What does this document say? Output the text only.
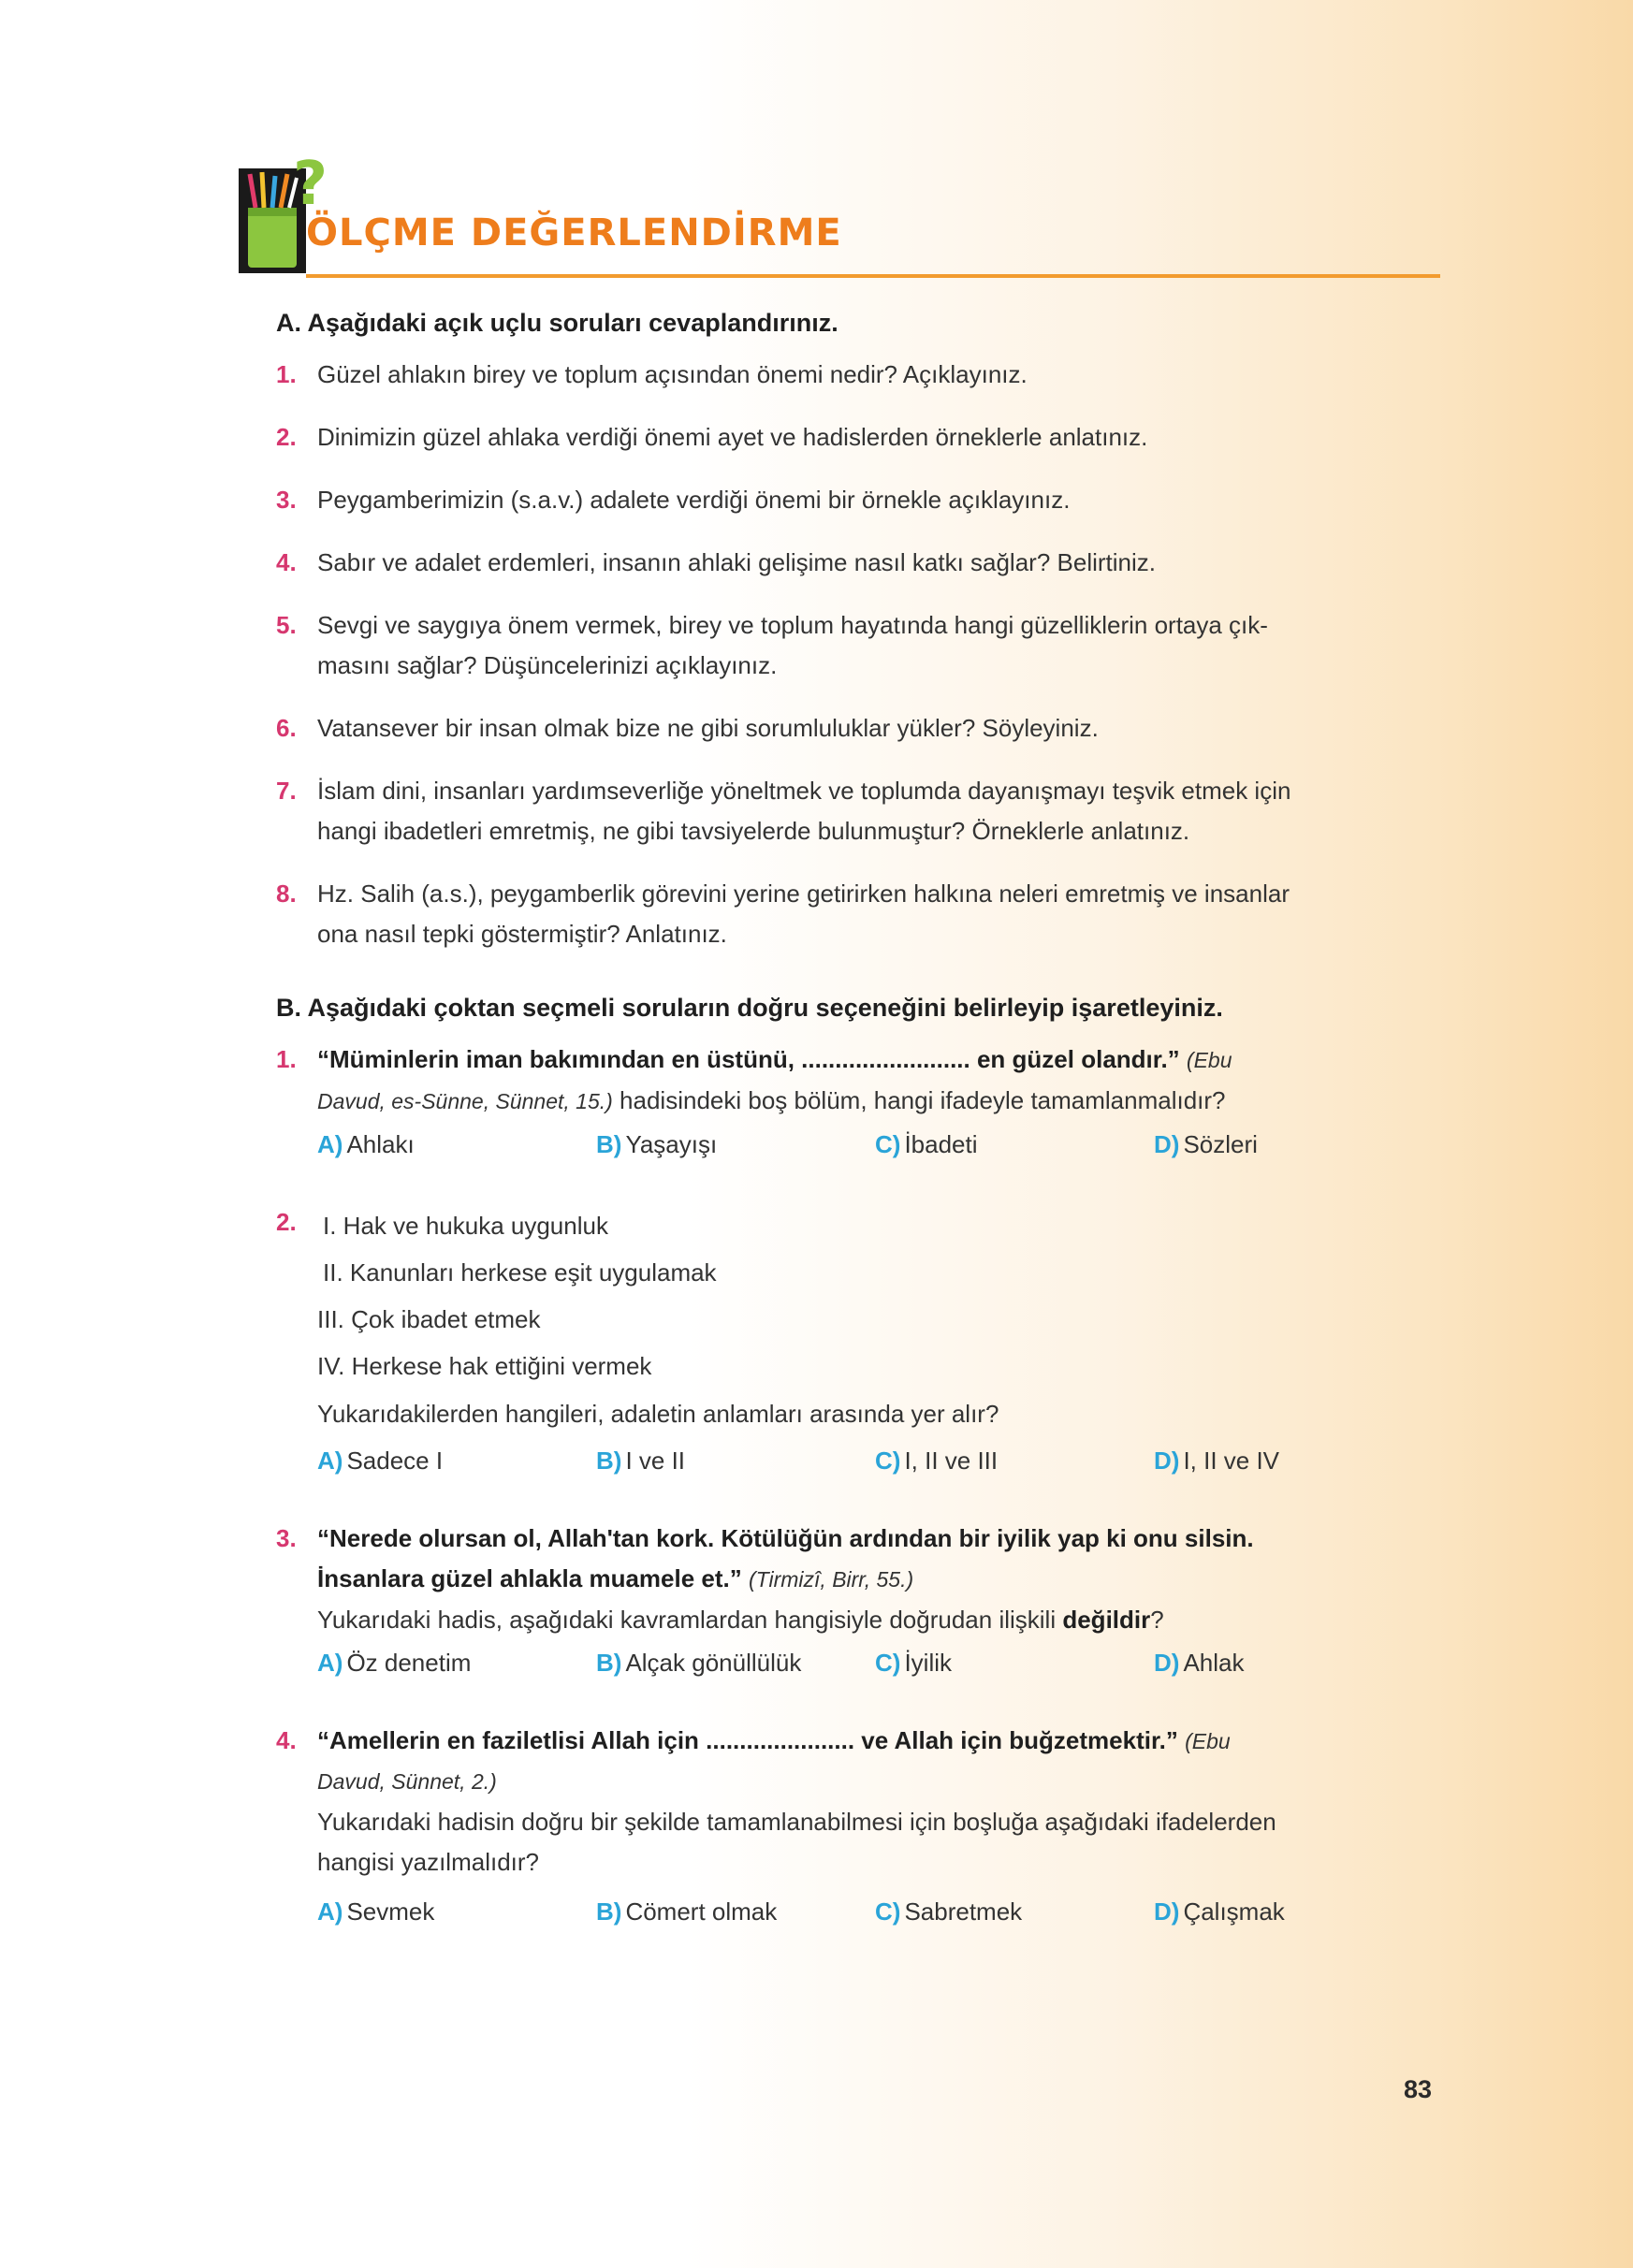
?
ÖLÇME DEĞERLENDİRME
A. Aşağıdaki açık uçlu soruları cevaplandırınız.
1. Güzel ahlakın birey ve toplum açısından önemi nedir? Açıklayınız.
2. Dinimizin güzel ahlaka verdiği önemi ayet ve hadislerden örneklerle anlatınız.
3. Peygamberimizin (s.a.v.) adalete verdiği önemi bir örnekle açıklayınız.
4. Sabır ve adalet erdemleri, insanın ahlaki gelişime nasıl katkı sağlar? Belirtiniz.
5. Sevgi ve saygıya önem vermek, birey ve toplum hayatında hangi güzelliklerin ortaya çık-
masını sağlar? Düşüncelerinizi açıklayınız.
6. Vatansever bir insan olmak bize ne gibi sorumluluklar yükler? Söyleyiniz.
7. İslam dini, insanları yardımseverliğe yöneltmek ve toplumda dayanışmayı teşvik etmek için
hangi ibadetleri emretmiş, ne gibi tavsiyelerde bulunmuştur? Örneklerle anlatınız.
8. Hz. Salih (a.s.), peygamberlik görevini yerine getirirken halkına neleri emretmiş ve insanlar
ona nasıl tepki göstermiştir? Anlatınız.
B. Aşağıdaki çoktan seçmeli soruların doğru seçeneğini belirleyip işaretleyiniz.
1. “Müminlerin iman bakımından en üstünü, ......................... en güzel olandır.” (Ebu
Davud, es-Sünne, Sünnet, 15.) hadisindeki boş bölüm, hangi ifadeyle tamamlanmalıdır?
A) Ahlakı	B) Yaşayışı	C) İbadeti	D) Sözleri
2. I. Hak ve hukuka uygunluk
II. Kanunları herkese eşit uygulamak
III. Çok ibadet etmek
IV. Herkese hak ettiğini vermek
Yukarıdakilerden hangileri, adaletin anlamları arasında yer alır?
A) Sadece I	B) I ve II	C) I, II ve III	D) I, II ve IV
3. “Nerede olursan ol, Allah'tan kork. Kötülüğün ardından bir iyilik yap ki onu silsin.
İnsanlara güzel ahlakla muamele et.” (Tirmizî, Birr, 55.)
Yukarıdaki hadis, aşağıdaki kavramlardan hangisiyle doğrudan ilişkili değildir?
A) Öz denetim	B) Alçak gönüllülük	C) İyilik	D) Ahlak
4. “Amellerin en faziletlisi Allah için ...................... ve Allah için buğzetmektir.” (Ebu
Davud, Sünnet, 2.)
Yukarıdaki hadisin doğru bir şekilde tamamlanabilmesi için boşluğa aşağıdaki ifadelerden
hangisi yazılmalıdır?
A) Sevmek	B) Cömert olmak	C) Sabretmek	D) Çalışmak
83
